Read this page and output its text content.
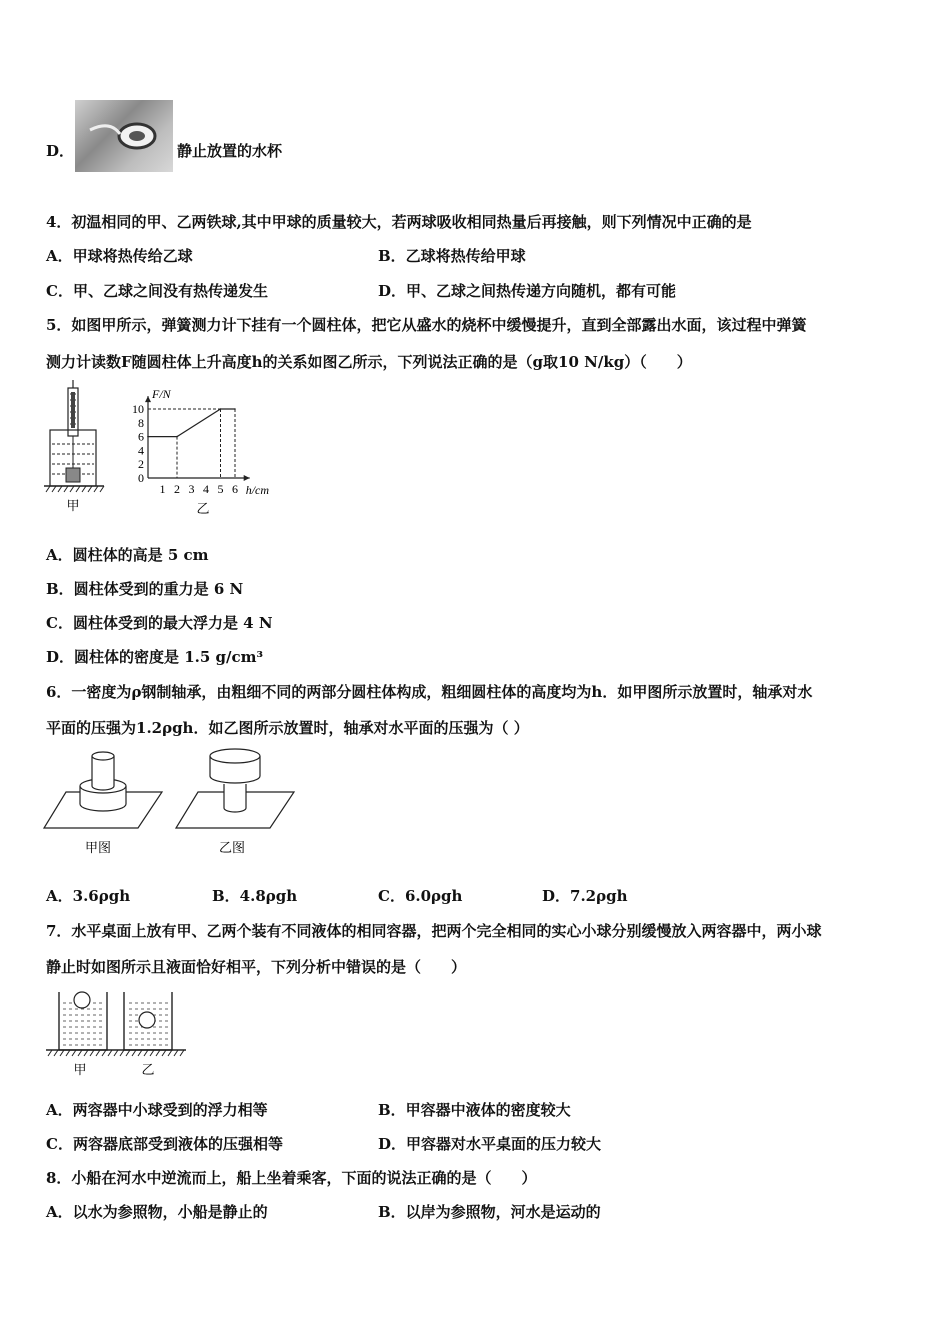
D．	静止放置的水杯
4．初温相同的甲、乙两铁球,其中甲球的质量较大，若两球吸收相同热量后再接触，则下列情况中正确的是
A．甲球将热传给乙球	B．乙球将热传给甲球
C．甲、乙球之间没有热传递发生	D．甲、乙球之间热传递方向随机，都有可能
5．如图甲所示，弹簧测力计下挂有一个圆柱体，把它从盛水的烧杯中缓慢提升，直到全部露出水面，该过程中弹簧
测力计读数F随圆柱体上升高度h的关系如图乙所示，下列说法正确的是（g取10 N/kg）（　　）
甲
F/N
h/cm
0
2
4
6
8
10
1 2 3 4 5 6
乙
A．圆柱体的高是 5 cm
B．圆柱体受到的重力是 6 N
C．圆柱体受到的最大浮力是 4 N
D．圆柱体的密度是 1.5 g/cm³
6．一密度为ρ钢制轴承，由粗细不同的两部分圆柱体构成，粗细圆柱体的高度均为h．如甲图所示放置时，轴承对水
平面的压强为1.2ρgh．如乙图所示放置时，轴承对水平面的压强为（ ）
甲图	乙图
A．3.6ρgh	B．4.8ρgh	C．6.0ρgh	D．7.2ρgh
7．水平桌面上放有甲、乙两个装有不同液体的相同容器，把两个完全相同的实心小球分别缓慢放入两容器中，两小球
静止时如图所示且液面恰好相平，下列分析中错误的是（　　）
甲	乙
A．两容器中小球受到的浮力相等	B．甲容器中液体的密度较大
C．两容器底部受到液体的压强相等	D．甲容器对水平桌面的压力较大
8．小船在河水中逆流而上，船上坐着乘客，下面的说法正确的是（　　）
A．以水为参照物，小船是静止的	B．以岸为参照物，河水是运动的
